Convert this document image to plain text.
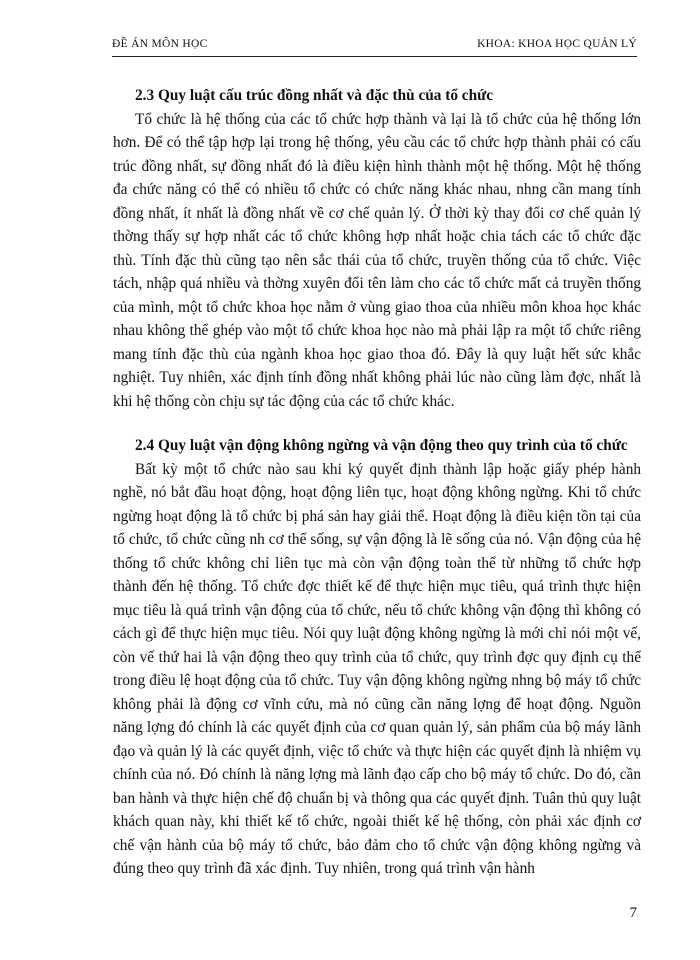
ĐỀ ÁN MÔN HỌC	KHOA: KHOA HỌC QUẢN LÝ
2.3 Quy luật cấu trúc đồng nhất và đặc thù của tổ chức

Tổ chức là hệ thống của các tổ chức hợp thành và lại là tổ chức của hệ thống lớn hơn. Để có thể tập hợp lại trong hệ thống, yêu cầu các tổ chức hợp thành phải có cấu trúc đồng nhất, sự đồng nhất đó là điều kiện hình thành một hệ thống. Một hệ thống đa chức năng có thể có nhiều tổ chức có chức năng khác nhau, nhng cần mang tính đồng nhất, ít nhất là đồng nhất về cơ chế quản lý. Ở thời kỳ thay đổi cơ chế quản lý thờng thấy sự hợp nhất các tổ chức không hợp nhất hoặc chia tách các tổ chức đặc thù. Tính đặc thù cũng tạo nên sắc thái của tổ chức, truyền thống của tổ chức. Việc tách, nhập quá nhiều và thờng xuyên đổi tên làm cho các tổ chức mất cả truyền thống của mình, một tổ chức khoa học nằm ở vùng giao thoa của nhiều môn khoa học khác nhau không thể ghép vào một tổ chức khoa học nào mà phải lập ra một tổ chức riêng mang tính đặc thù của ngành khoa học giao thoa đó. Đây là quy luật hết sức khắc nghiệt. Tuy nhiên, xác định tính đồng nhất không phải lúc nào cũng làm đợc, nhất là khi hệ thống còn chịu sự tác động của các tổ chức khác.

2.4 Quy luật vận động không ngừng và vận động theo quy trình của tổ chức

Bất kỳ một tổ chức nào sau khi ký quyết định thành lập hoặc giấy phép hành nghề, nó bắt đầu hoạt động, hoạt động liên tục, hoạt động không ngừng. Khi tổ chức ngừng hoạt động là tổ chức bị phá sản hay giải thể. Hoạt động là điều kiện tồn tại của tổ chức, tổ chức cũng nh cơ thể sống, sự vận động là lẽ sống của nó. Vận động của hệ thống tổ chức không chỉ liên tục mà còn vận động toàn thể từ những tổ chức hợp thành đến hệ thống. Tổ chức đợc thiết kế để thực hiện mục tiêu, quá trình thực hiện mục tiêu là quá trình vận động của tổ chức, nếu tổ chức không vận động thì không có cách gì để thực hiện mục tiêu. Nói quy luật động không ngừng là mới chỉ nói một vế, còn vế thứ hai là vận động theo quy trình của tổ chức, quy trình đợc quy định cụ thể trong điều lệ hoạt động của tổ chức. Tuy vận động không ngừng nhng bộ máy tổ chức không phải là động cơ vĩnh cửu, mà nó cũng cần năng lợng để hoạt động. Nguồn năng lợng đó chính là các quyết định của cơ quan quản lý, sản phẩm của bộ máy lãnh đạo và quản lý là các quyết định, việc tổ chức và thực hiện các quyết định là nhiệm vụ chính của nó. Đó chính là năng lợng mà lãnh đạo cấp cho bộ máy tổ chức. Do đó, cần ban hành và thực hiện chế độ chuẩn bị và thông qua các quyết định. Tuân thủ quy luật khách quan này, khi thiết kế tổ chức, ngoài thiết kế hệ thống, còn phải xác định cơ chế vận hành của bộ máy tổ chức, bảo đảm cho tổ chức vận động không ngừng và đúng theo quy trình đã xác định. Tuy nhiên, trong quá trình vận hành

7
